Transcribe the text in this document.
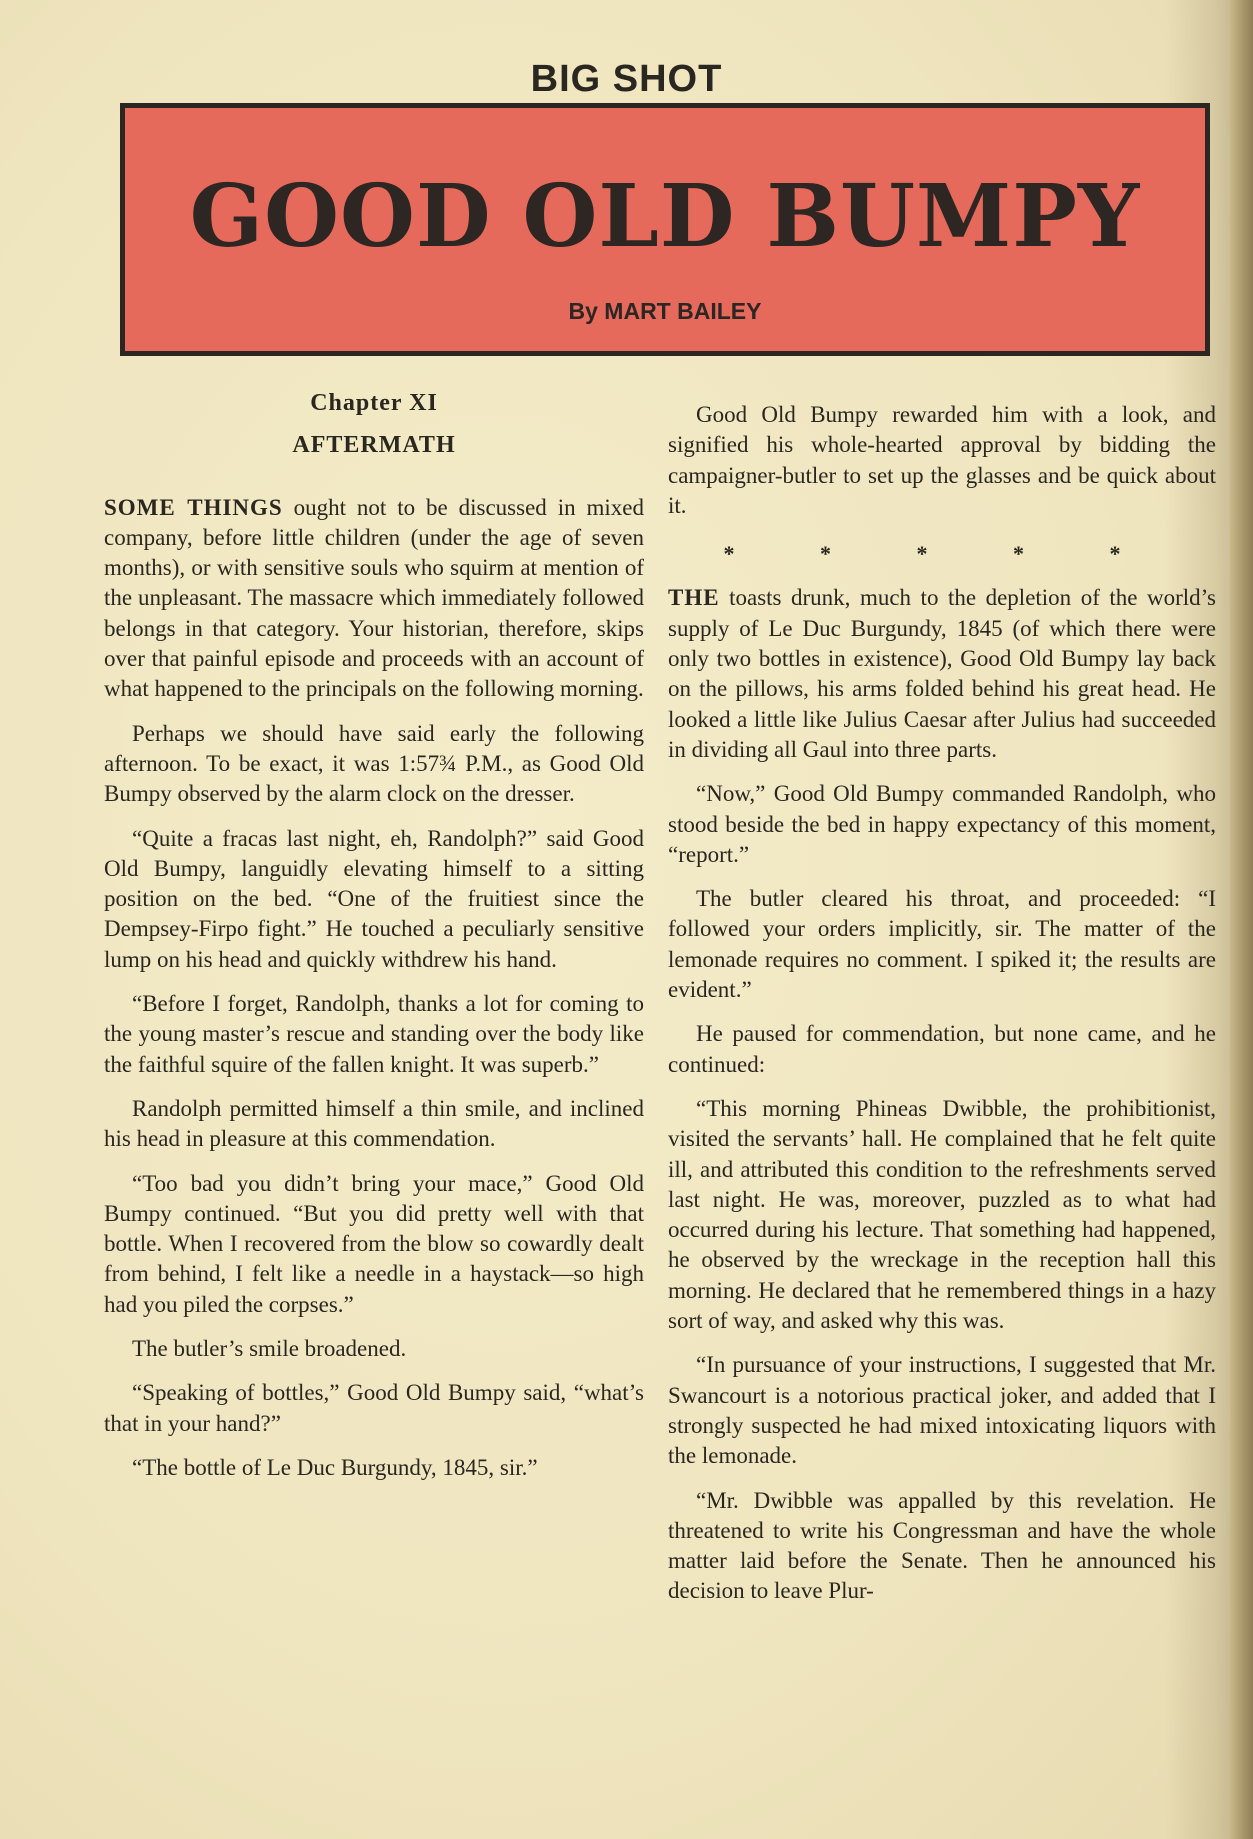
BIG SHOT
GOOD OLD BUMPY
By MART BAILEY
Chapter XI
AFTERMATH

SOME THINGS ought not to be discussed in mixed company, before little children (under the age of seven months), or with sensitive souls who squirm at mention of the unpleasant. The massacre which immediately followed belongs in that category. Your historian, therefore, skips over that painful episode and proceeds with an account of what happened to the principals on the following morning.

Perhaps we should have said early the following afternoon. To be exact, it was 1:57¾ P.M., as Good Old Bumpy observed by the alarm clock on the dresser.

“Quite a fracas last night, eh, Randolph?” said Good Old Bumpy, languidly elevating himself to a sitting position on the bed. “One of the fruitiest since the Dempsey-Firpo fight.” He touched a peculiarly sensitive lump on his head and quickly withdrew his hand.

“Before I forget, Randolph, thanks a lot for coming to the young master’s rescue and standing over the body like the faithful squire of the fallen knight. It was superb.”

Randolph permitted himself a thin smile, and inclined his head in pleasure at this commendation.

“Too bad you didn’t bring your mace,” Good Old Bumpy continued. “But you did pretty well with that bottle. When I recovered from the blow so cowardly dealt from behind, I felt like a needle in a haystack—so high had you piled the corpses.”

The butler’s smile broadened.

“Speaking of bottles,” Good Old Bumpy said, “what’s that in your hand?”

“The bottle of Le Duc Burgundy, 1845, sir.”

Good Old Bumpy rewarded him with a look, and signified his whole-hearted approval by bidding the campaigner-butler to set up the glasses and be quick about it.

* * * * *

THE toasts drunk, much to the depletion of the world’s supply of Le Duc Burgundy, 1845 (of which there were only two bottles in existence), Good Old Bumpy lay back on the pillows, his arms folded behind his great head. He looked a little like Julius Caesar after Julius had succeeded in dividing all Gaul into three parts.

“Now,” Good Old Bumpy commanded Randolph, who stood beside the bed in happy expectancy of this moment, “report.”

The butler cleared his throat, and proceeded: “I followed your orders implicitly, sir. The matter of the lemonade requires no comment. I spiked it; the results are evident.”

He paused for commendation, but none came, and he continued:

“This morning Phineas Dwibble, the prohibitionist, visited the servants’ hall. He complained that he felt quite ill, and attributed this condition to the refreshments served last night. He was, moreover, puzzled as to what had occurred during his lecture. That something had happened, he observed by the wreckage in the reception hall this morning. He declared that he remembered things in a hazy sort of way, and asked why this was.

“In pursuance of your instructions, I suggested that Mr. Swancourt is a notorious practical joker, and added that I strongly suspected he had mixed intoxicating liquors with the lemonade.

“Mr. Dwibble was appalled by this revelation. He threatened to write his Congressman and have the whole matter laid before the Senate. Then he announced his decision to leave Plur-
